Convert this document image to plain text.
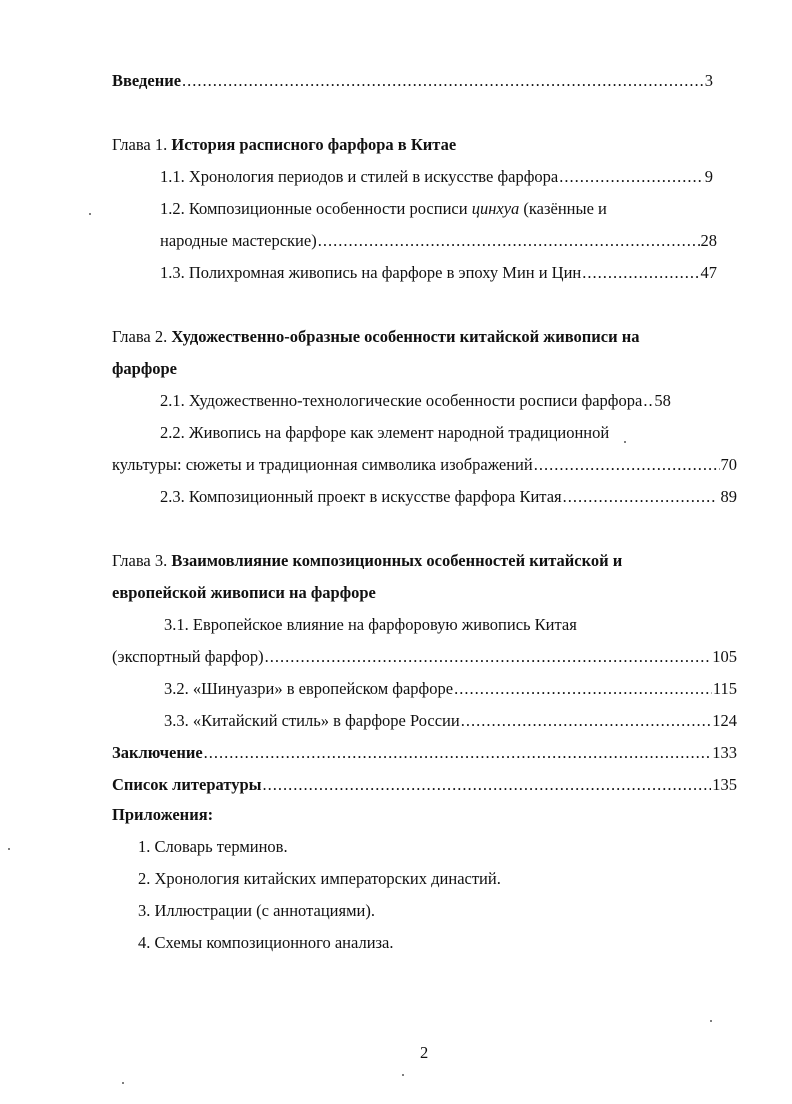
Введение .....	3
Глава 1. История расписного фарфора в Китае
1.1. Хронология периодов и стилей в искусстве фарфора .....	9
1.2. Композиционные особенности росписи цинхуа (казённые и
народные мастерские) .....	28
1.3. Полихромная живопись на фарфоре в эпоху Мин и Цин .....	47
Глава 2. Художественно-образные особенности китайской живописи на
фарфоре
2.1. Художественно-технологические особенности росписи фарфора ..... 58
2.2. Живопись на фарфоре как элемент народной традиционной
культуры: сюжеты и традиционная символика изображений .....	70
2.3. Композиционный проект в искусстве фарфора Китая .....	89
Глава 3. Взаимовлияние композиционных особенностей китайской и
европейской живописи на фарфоре
3.1. Европейское влияние на фарфоровую живопись Китая
(экспортный фарфор) .....	105
3.2. «Шинуазри» в европейском фарфоре .....	115
3.3. «Китайский стиль» в фарфоре России .....	124
Заключение .....	133
Список литературы .....	135
Приложения:
1. Словарь терминов.
2. Хронология китайских императорских династий.
3. Иллюстрации (с аннотациями).
4. Схемы композиционного анализа.
2
